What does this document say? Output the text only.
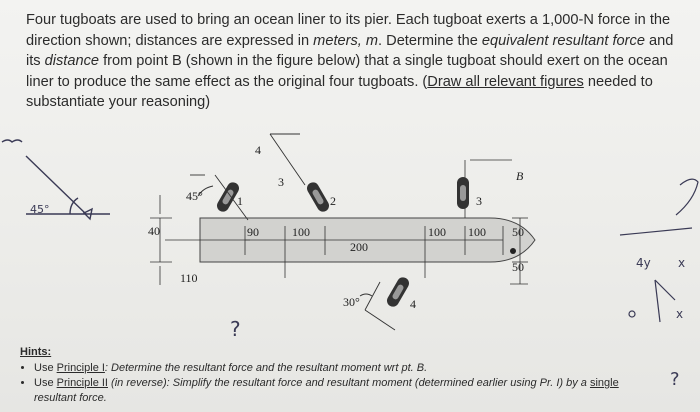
Four tugboats are used to bring an ocean liner to its pier. Each tugboat exerts a 1,000-N force in the direction shown; distances are expressed in meters, m. Determine the equivalent resultant force and its distance from point B (shown in the figure below) that a single tugboat should exert on the ocean liner to produce the same effect as the original four tugboats. (Draw all relevant figures needed to substantiate your reasoning)
45°
40
110
90	100
200
100 100 50
50
45°
30°
B
1	2	3
4
3
4
?
?
4y x
x
Hints:
• Use Principle I: Determine the resultant force and the resultant moment wrt pt. B.
• Use Principle II (in reverse): Simplify the resultant force and resultant moment (determined earlier using Pr. I) by a single
resultant force.
